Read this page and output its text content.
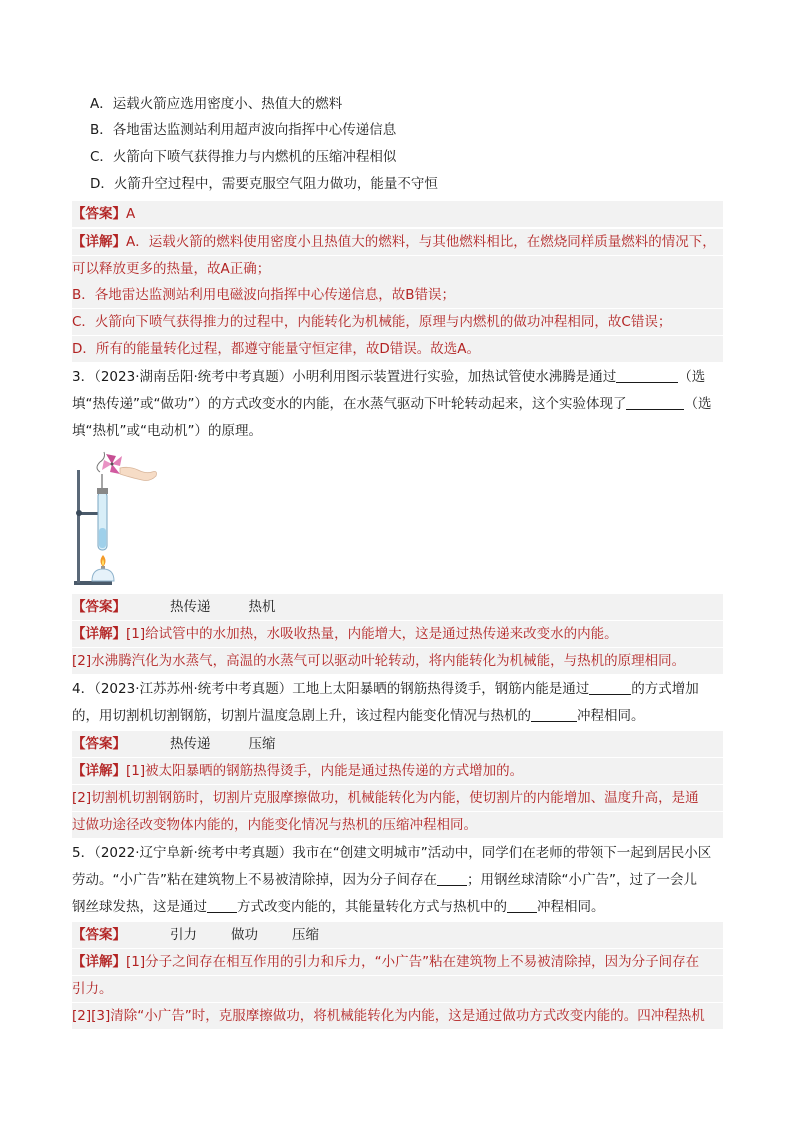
A．运载火箭应选用密度小、热值大的燃料
B．各地雷达监测站利用超声波向指挥中心传递信息
C．火箭向下喷气获得推力与内燃机的压缩冲程相似
D．火箭升空过程中，需要克服空气阻力做功，能量不守恒
【答案】A
【详解】A．运载火箭的燃料使用密度小且热值大的燃料，与其他燃料相比，在燃烧同样质量燃料的情况下，
可以释放更多的热量，故A正确；
B．各地雷达监测站利用电磁波向指挥中心传递信息，故B错误；
C．火箭向下喷气获得推力的过程中，内能转化为机械能，原理与内燃机的做功冲程相同，故C错误；
D．所有的能量转化过程，都遵守能量守恒定律，故D错误。故选A。
3．（2023·湖南岳阳·统考中考真题）小明利用图示装置进行实验，加热试管使水沸腾是通过	（选
填“热传递”或“做功”）的方式改变水的内能，在水蒸气驱动下叶轮转动起来，这个实验体现了	（选
填“热机”或“电动机”）的原理。
【答案】	热传递	热机
【详解】[1]给试管中的水加热，水吸收热量，内能增大，这是通过热传递来改变水的内能。
[2]水沸腾汽化为水蒸气，高温的水蒸气可以驱动叶轮转动，将内能转化为机械能，与热机的原理相同。
4．（2023·江苏苏州·统考中考真题）工地上太阳暴晒的钢筋热得烫手，钢筋内能是通过	的方式增加
的，用切割机切割钢筋，切割片温度急剧上升，该过程内能变化情况与热机的	冲程相同。
【答案】	热传递	压缩
【详解】[1]被太阳暴晒的钢筋热得烫手，内能是通过热传递的方式增加的。
[2]切割机切割钢筋时，切割片克服摩擦做功，机械能转化为内能，使切割片的内能增加、温度升高，是通
过做功途径改变物体内能的，内能变化情况与热机的压缩冲程相同。
5．（2022·辽宁阜新·统考中考真题）我市在“创建文明城市”活动中，同学们在老师的带领下一起到居民小区
劳动。“小广告”粘在建筑物上不易被清除掉，因为分子间存在 ；用钢丝球清除“小广告”，过了一会儿
钢丝球发热，这是通过 方式改变内能的，其能量转化方式与热机中的 冲程相同。
【答案】	引力	做功	压缩
【详解】[1]分子之间存在相互作用的引力和斥力，“小广告”粘在建筑物上不易被清除掉，因为分子间存在
引力。
[2][3]清除“小广告”时，克服摩擦做功，将机械能转化为内能，这是通过做功方式改变内能的。四冲程热机
